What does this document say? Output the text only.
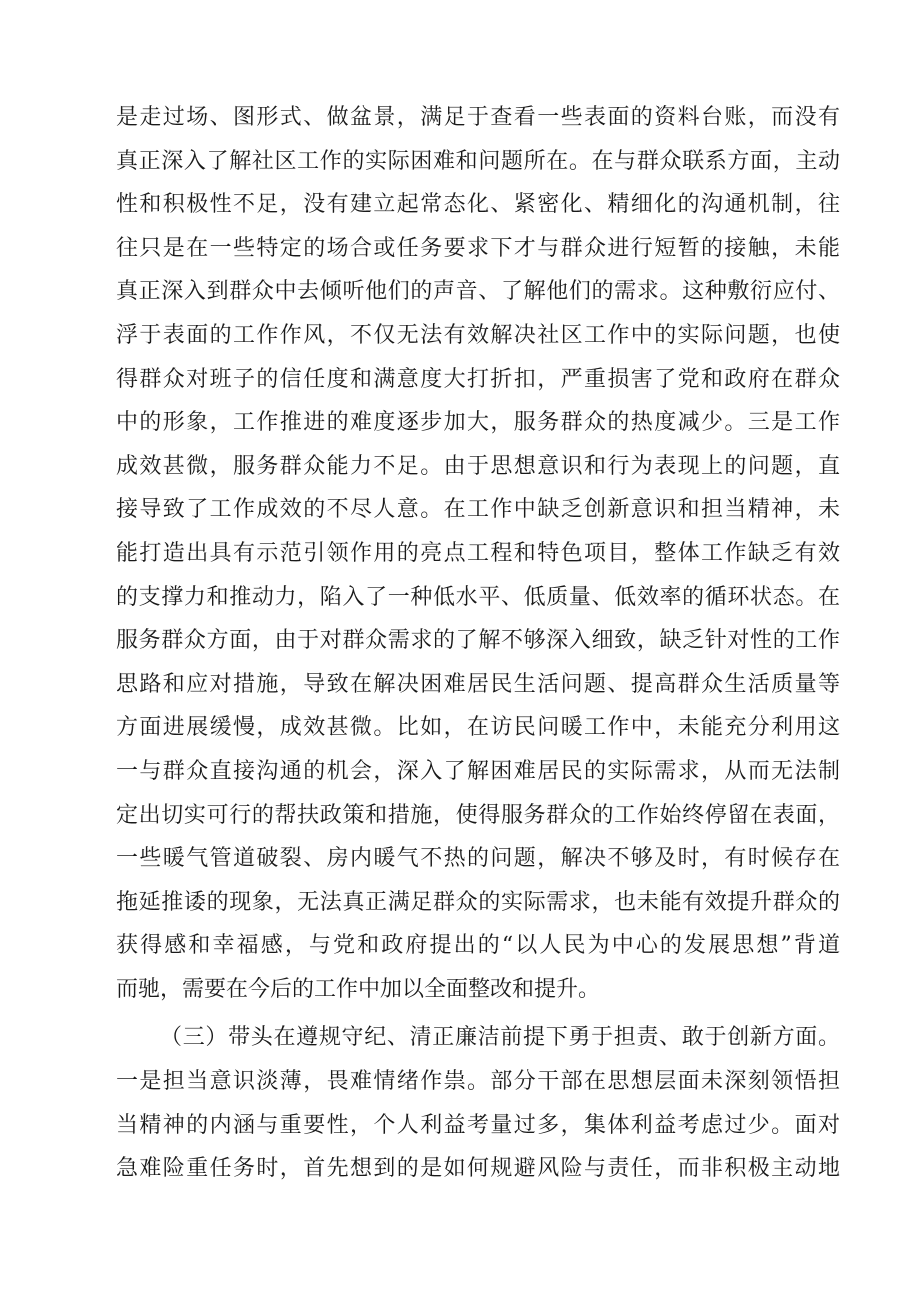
是走过场、图形式、做盆景，满足于查看一些表面的资料台账，而没有
真正深入了解社区工作的实际困难和问题所在。在与群众联系方面，主动
性和积极性不足，没有建立起常态化、紧密化、精细化的沟通机制，往
往只是在一些特定的场合或任务要求下才与群众进行短暂的接触，未能
真正深入到群众中去倾听他们的声音、了解他们的需求。这种敷衍应付、
浮于表面的工作作风，不仅无法有效解决社区工作中的实际问题，也使
得群众对班子的信任度和满意度大打折扣，严重损害了党和政府在群众
中的形象，工作推进的难度逐步加大，服务群众的热度减少。三是工作
成效甚微，服务群众能力不足。由于思想意识和行为表现上的问题，直
接导致了工作成效的不尽人意。在工作中缺乏创新意识和担当精神，未
能打造出具有示范引领作用的亮点工程和特色项目，整体工作缺乏有效
的支撑力和推动力，陷入了一种低水平、低质量、低效率的循环状态。在
服务群众方面，由于对群众需求的了解不够深入细致，缺乏针对性的工作
思路和应对措施，导致在解决困难居民生活问题、提高群众生活质量等
方面进展缓慢，成效甚微。比如，在访民问暖工作中，未能充分利用这
一与群众直接沟通的机会，深入了解困难居民的实际需求，从而无法制
定出切实可行的帮扶政策和措施，使得服务群众的工作始终停留在表面，
一些暖气管道破裂、房内暖气不热的问题，解决不够及时，有时候存在
拖延推诿的现象，无法真正满足群众的实际需求，也未能有效提升群众的
获得感和幸福感，与党和政府提出的“以人民为中心的发展思想”背道
而驰，需要在今后的工作中加以全面整改和提升。
（三）带头在遵规守纪、清正廉洁前提下勇于担责、敢于创新方面。
一是担当意识淡薄，畏难情绪作祟。部分干部在思想层面未深刻领悟担
当精神的内涵与重要性，个人利益考量过多，集体利益考虑过少。面对
急难险重任务时，首先想到的是如何规避风险与责任，而非积极主动地
